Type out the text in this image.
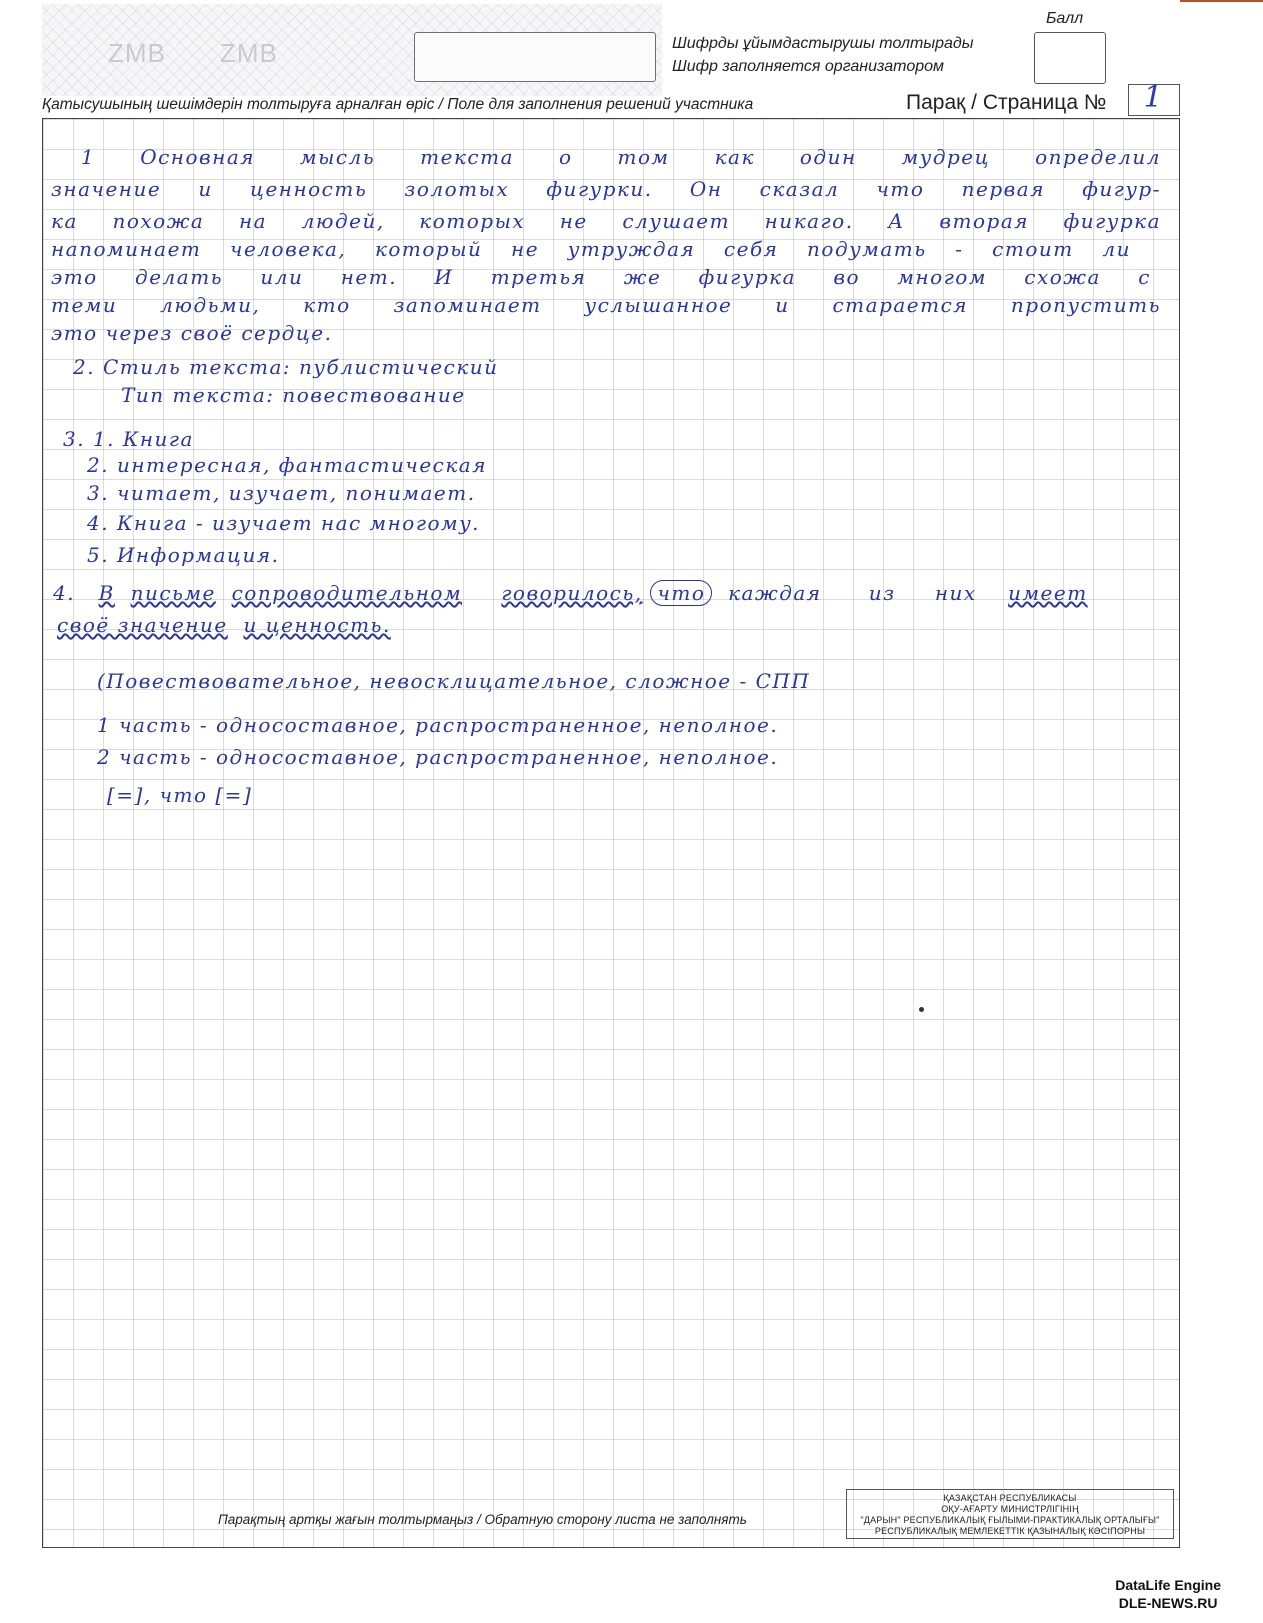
ZMB ZMB	Шифрды ұйымдастырушы толтырады
Шифр заполняется организатором
Балл
Қатысушының шешімдерін толтыруға арналған өріс / Поле для заполнения решений участника	Парақ / Страница №	1
1 Основная мысль текста о том как один мудрец определил
значение и ценность золотых фигурки. Он сказал что первая фигур-
ка похожа на людей, которых не слушает никаго. А вторая фигурка
напоминает человека, который не утруждая себя подумать - стоит ли
это делать или нет. И третья же фигурка во многом схожа с
теми людьми, кто запоминает услышанное и старается пропустить
это через своё сердце.
2. Стиль текста: публистический
Тип текста: повествование
3. 1. Книга
2. интересная, фантастическая
3. читает, изучает, понимает.
4. Книга - изучает нас многому.
5. Информация.
4. В письме сопроводительном говорилось, что каждая из них имеет
своё значение и ценность.
(Повествовательное, невосклицательное, сложное - СПП
1 часть - односоставное, распространенное, неполное.
2 часть - односоставное, распространенное, неполное.
[=], что [=]
Парақтың артқы жағын толтырмаңыз / Обратную сторону листа не заполнять
ҚАЗАҚСТАН РЕСПУБЛИКАСЫ
ОҚУ-АҒАРТУ МИНИСТРЛІГІНІҢ
"ДАРЫН" РЕСПУБЛИКАЛЫҚ ҒЫЛЫМИ-ПРАКТИКАЛЫҚ ОРТАЛЫҒЫ"
РЕСПУБЛИКАЛЫҚ МЕМЛЕКЕТТІК ҚАЗЫНАЛЫҚ КӘСІПОРНЫ
DataLife Engine
DLE-NEWS.RU
